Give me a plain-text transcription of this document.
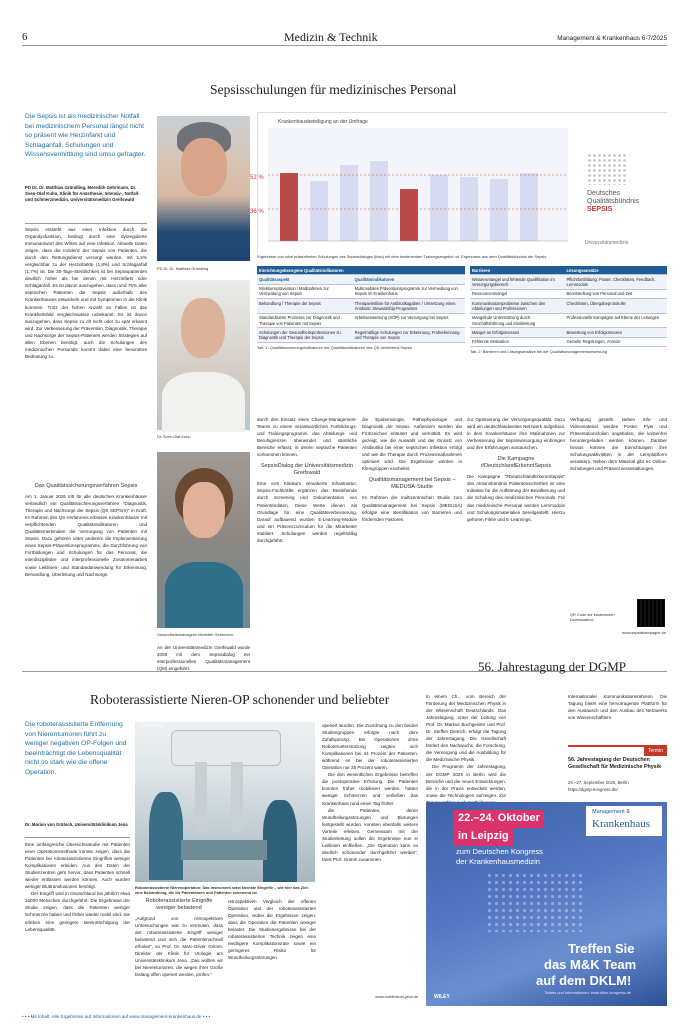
6	Medizin & Technik	Management & Krankenhaus 6-7/2025
Sepsisschulungen für medizinisches Personal
Die Sepsis ist als medizinischer Notfall bei medizinischem Personal längst nicht so präsent wie Herzinfarkt und Schlaganfall. Schulungen und Wissensvermittlung sind umso gefragter.
PD Dr. Dr. Matthias Gründling, Meredith Gehrmann, Dr. Sven-Olaf Kuhn, Klinik für Anästhesie, Intensiv-, Notfall- und Schmerzmedizin, Universitätsmedizin Greifswald

Sepsis entsteht aus einer Infektion durch die Organdysfunktion, bedingt durch eine dysregulierte Immunantwort des Wirtes auf eine Infektion. Aktuelle Daten zeigen, dass die Inzidenz der Sepsis von Patienten, die durch den Rettungsdienst versorgt werden, mit 1,5% vergleichbar zu der Herzinfarkte (1,8%) und Schlaganfall (1,7%) ist. Die 30-Tage-Sterblichkeit ist bei Sepsispatienten deutlich höher als bei denen mit Herzinfarkt oder Schlaganfall. Es ist davon auszugehen, dass rund 75% aller septischen Patienten die Sepsis außerhalb des Krankenhauses entwickeln und mit Symptomen in die Klinik kommen. Trotz der hohen Anzahl an Fällen ist das Krankheitsbild vergleichsweise unbekannt. Es ist davon auszugehen, dass Sepsis zu oft nicht oder zu spät erkannt wird. Zur Verbesserung der Prävention, Diagnostik, Therapie und Nachsorge der Sepsis-Patienten werden Strategien auf allen Ebenen benötigt, auch die Schulungen des medizinischen Personals kommt dabei eine besondere Bedeutung zu.

Das Qualitätssicherungsverfahren Sepsis

Am 1. Januar 2026 tritt für alle deutschen Krankenhäuser verbindlich ein Qualitätssicherungsverfahren "Diagnostik, Therapie und Nachsorge der Sepsis (QS SEPSIS)" in Kraft. Im Rahmen des QS-Verfahrens erfassen Krankenhäuser mit verpflichtenden Qualitätsindikatoren und Qualitätsmerkmalen die Versorgung von Patienten mit Sepsis. Dazu gehören unter anderem die Implementierung eines Sepsis-Präventionsprogramms, die Durchführung von Fortbildungen und Schulungen für das Personal, die interdisziplinäre und interprofessionelle Zusammenarbeit sowie Leitlinien- und Standardanwendung für Erkennung, Behandlung, Überleitung und Nachsorge.

PD Dr. Dr. Matthias Gründling
Dr. Sven-Olaf Kuhn
Gesundheitsmanagerin Meredith Gehrmann

An der Universitätsmedizin Greifswald wurde 2008 mit dem Sepsisdialog ein interprofessionelles Qualitätsmanagement (QM) eingeführt.

Krankenhausbeteiligung an der Umfrage
52 %
36 %
Deutsches
Qualitätsbündnis
SEPSIS
Universitätsmedizin
Ergebnisse von lokal präsentierten Schulungen des Sepsisdialoges (blau) mit dem bestehenden Trainingsangebot rot. Ergebnisse aus dem Qualitätsbündnis der Sepsis.
Einrichtungsbezogene Qualitätsindikatoren	
Qualitätsaspekt	Qualitätsindikatoren
Infektionsprävention / Maßnahmen zur Vermeidung von Sepsis	Multimodales Präventionsprogramm zur Vermeidung von Sepsis im Krankenhaus
Behandlung / Therapie der Sepsis	Therapieleitlinie für Antibiotikagaben / Umsetzung eines Antibiotic Stewardship-Programms
Standardisierte Prozesse zur Diagnostik und Therapie von Patienten mit Sepsis	Arbeitsanweisung (SOP) zur Versorgung bei Sepsis
Schulungen der Gesundheitsprofessionen zu Diagnostik und Therapie der Sepsis	Regelmäßige Schulungen zur Erkennung, Früherkennung und Therapie von Sepsis
Tab. 1: Qualitätssicherungsindikatoren der Qualitätsindikatoren des QS-Verfahrens Sepsis
Barrieren	Lösungsansätze
Wissensmangel und fehlende Qualifikation im Versorgungsbereich	Pflichtfortbildung, Poster, Checklisten, Feedback, Lernmodule
Ressourcenmangel	Bereitstellung von Personal und Zeit
Kommunikationsprobleme zwischen den Abteilungen und Professionen	Checklisten, Übergabeprotokolle
Mangelnde Unterstützung durch Geschäftsführung und Klinikleitung	Professionelle Kampagne auf Ebene der Leitungen
Mangel an Erfolgsmessen	Bewertung von Erfolgsmessen
Fehlende Motivation	Gezielte Regelungen, Anreize
Tab. 2: Barrieren und Lösungsansätze bei der Qualitätsmanagementumsetzung

durch den Einsatz eines Change-Management-Teams zu einem verantwortlichen Fortbildungs- und Trainingsprogramm, das Abteilungs- und Berufsgrenzen überwindet und sämtliche Bereiche erfasst, in denen septische Patienten vorkommen können.

SepsisDialog der Universitätsmedizin Greifswald

Eine vom Klinikum verankerte Infrastruktur, Sepsis-Fachkräfte ergänzen das Bestehende durch Screening und Dokumentation von Patientendaten. Diese Werte dienen als Grundlage für eine Qualitätsverbesserung. Darauf aufbauend wurden E-Learning-Module und ein Präsenzcurriculum für die Mitarbeiter etabliert. Schulungen werden regelmäßig durchgeführt.

die Epidemiologie, Pathophysiologie und Diagnostik der Sepsis. Außerdem werden die Frühzeichen erläutert und vermittelt. Es wird gezeigt, wie die Auswahl und der Einsatz von Antibiotika bei einer septischen Infektion erfolgt und wie die Therapie durch Prozessmaßnahmen optimiert wird. Die Ergebnisse werden in Kleingruppen erarbeitet.

Qualitätsmanagement bei Sepsis – MEDUSA-Studie

Im Rahmen der multizentrischen Studie zum Qualitätsmanagement bei Sepsis (MEDUSA) erfolgte eine Identifikation von Barrieren und fördernden Faktoren.

zur Optimierung der Versorgungsqualität. Dazu wird ein deutschlandweites Netzwerk aufgebaut, in dem Krankenhäuser ihre Maßnahmen zur Verbesserung der Sepsisversorgung einbringen und ihre Erfahrungen austauschen.

Die Kampagne #DeutschlandErkenntSepsis

Die Kampagne "#DeutschlandErkenntSepsis" des Aktionsbündnis Patientensicherheit ist eine Initiative für die Aufklärung der Bevölkerung und die Schulung des medizinischen Personals. Für das medizinische Personal werden Lernmodule und Schulungsmaterialien bereitgestellt. Hierzu gehören Filme und E-Learnings.

Verfügung gestellt. Neben Info- und Videomaterial werden Poster, Flyer und Präsentationsfolien angeboten, die kostenfrei heruntergeladen werden können. Darüber hinaus können die Einrichtungen ihre Schulungsaktivitäten in der Lernplattform verankern. Neben dem Material gibt es Online-Schulungen und Präsenzveranstaltungen.

QR Code zur kostenlosen Downloadbox
www.sepsiskampagne.de
Roboterassistierte Nieren-OP schonender und beliebter
56. Jahrestagung der DGMP
Die roboterassistierte Entfernung von Nierentumoren führt zu weniger negativen OP-Folgen und beeinträchtigt die Lebensqualität nicht so stark wie die offene Operation.
Dr. Marion von Grätsch, Universitätsklinikum Jena

Eine umfangreiche Übersichtsstudie mit Patienten einer Operationsmethode konnte zeigen, dass die Patienten bei roboterassistierten Eingriffen weniger Komplikationen erleiden. Aus den Daten der Studienzentren geht hervor, dass Patienten schnell wieder entlassen werden können. Auch wurden weniger Bluttransfusionen benötigt.

Der Eingriff wird in Deutschland bei jährlich etwa 16000 Menschen durchgeführt. Die Ergebnisse der Studie zeigen, dass die Patienten weniger Schmerzen haben und früher wieder mobil sind. Sie erleben eine geringere Beeinträchtigung der Lebensqualität.

Foto: R. Gehrig
Roboterassistierte Nierenoperation: Das Instrument setzt kleinste Eingriffe – wie hier das Ziel: eine Behandlung, die für Patientinnen und Patienten schonend ist.
Roboterassistierte Eingriffe weniger belastend

„Aufgrund von retrospektiven Untersuchungen war zu vermuten, dass der roboterassistierte Eingriff weniger belastend und sich die Patientenschnell erholen“, so Prof. Dr. Marc-Oliver Grimm, Direktor der Klinik für Urologie am Universitätsklinikum Jena. „Das wollten wir bei Nierentumoren, die wegen ihrer Größe bislang offen operiert werden, prüfen.“

retrospektiven Vergleich der offenen Operation und der roboterassistierten Operation, wobei die Ergebnisse zeigen, dass die Operation die Patienten weniger belastet. Die Studienergebnisse bei der roboterassistierten Technik zeigen eine niedrigere Komplikationsrate sowie ein geringeres Risiko für Wundheilungsstörungen.

operiert wurden. Die Zuordnung zu den beiden Studiengruppen erfolgte nach dem Zufallsprinzip. Bei Operationen ohne Roboterunterstützung zeigten sich Komplikationen bei 44 Prozent der Patienten, während es bei der roboterassistierten Operation nur 25 Prozent waren.

Die drei wesentlichen Ergebnisse betreffen die postoperative Erholung. Die Patienten konnten früher mobilisiert werden, hatten weniger Schmerzen und verließen das Krankenhaus rund einen Tag früher.

die Patienten, deren Wundheilungsstörungen und Blutungen festgestellt wurden, konnten ebenfalls weitere Vorteile erleben. Gemeinsam mit der Studienleitung sollen die Ergebnisse nun in Leitlinien einfließen. „Die Operation kann so deutlich schonender durchgeführt werden“, fasst Prof. Grimm zusammen.

www.uniklinikum-jena.de

In einem Ch... vom Bereich der Förderung der Medizinischen Physik in der Wissenschaft Deutschlands. Das Jahrestagung, unter der Leitung von Prof. Dr. Markus Buchgeister und Prof. Dr. Steffen Dietrich, erfolgt die Tagung der Jahrestagung. Die Gesellschaft fördert den Nachwuchs, die Forschung, die Versorgung und die Ausbildung für die Medizinische Physik.

Die Programm der Jahrestagung, der DGMP 2025 in Berlin wird die Bereiche und die neuen Entwicklungen, die in der Praxis entwickelt werden, sowie die Technologien aufzeigen. Zur

Internationaler Kommunikationsrahmen. Die Tagung bietet eine hervorragende Plattform für den Austausch und den Ausbau des Netzwerks von Wissenschaftlern.

Termin
56. Jahrestagung der Deutschen Gesellschaft für Medizinische Physik
24.–27. September 2025, Berlin
https://dgmp-kongress.de/
22.–24. Oktober
in Leipzig
zum Deutschen Kongress
der Krankenhausmedizin
Management &
Krankenhaus
Treffen Sie
das M&K Team
auf dem DKLM!
Tickets und Informationen: www.dklm-kongress.de
WILEY
• • • Mit Inhalt: Alle Ergebnisse auf Informationen auf www.management-krankenhaus.de • • •
